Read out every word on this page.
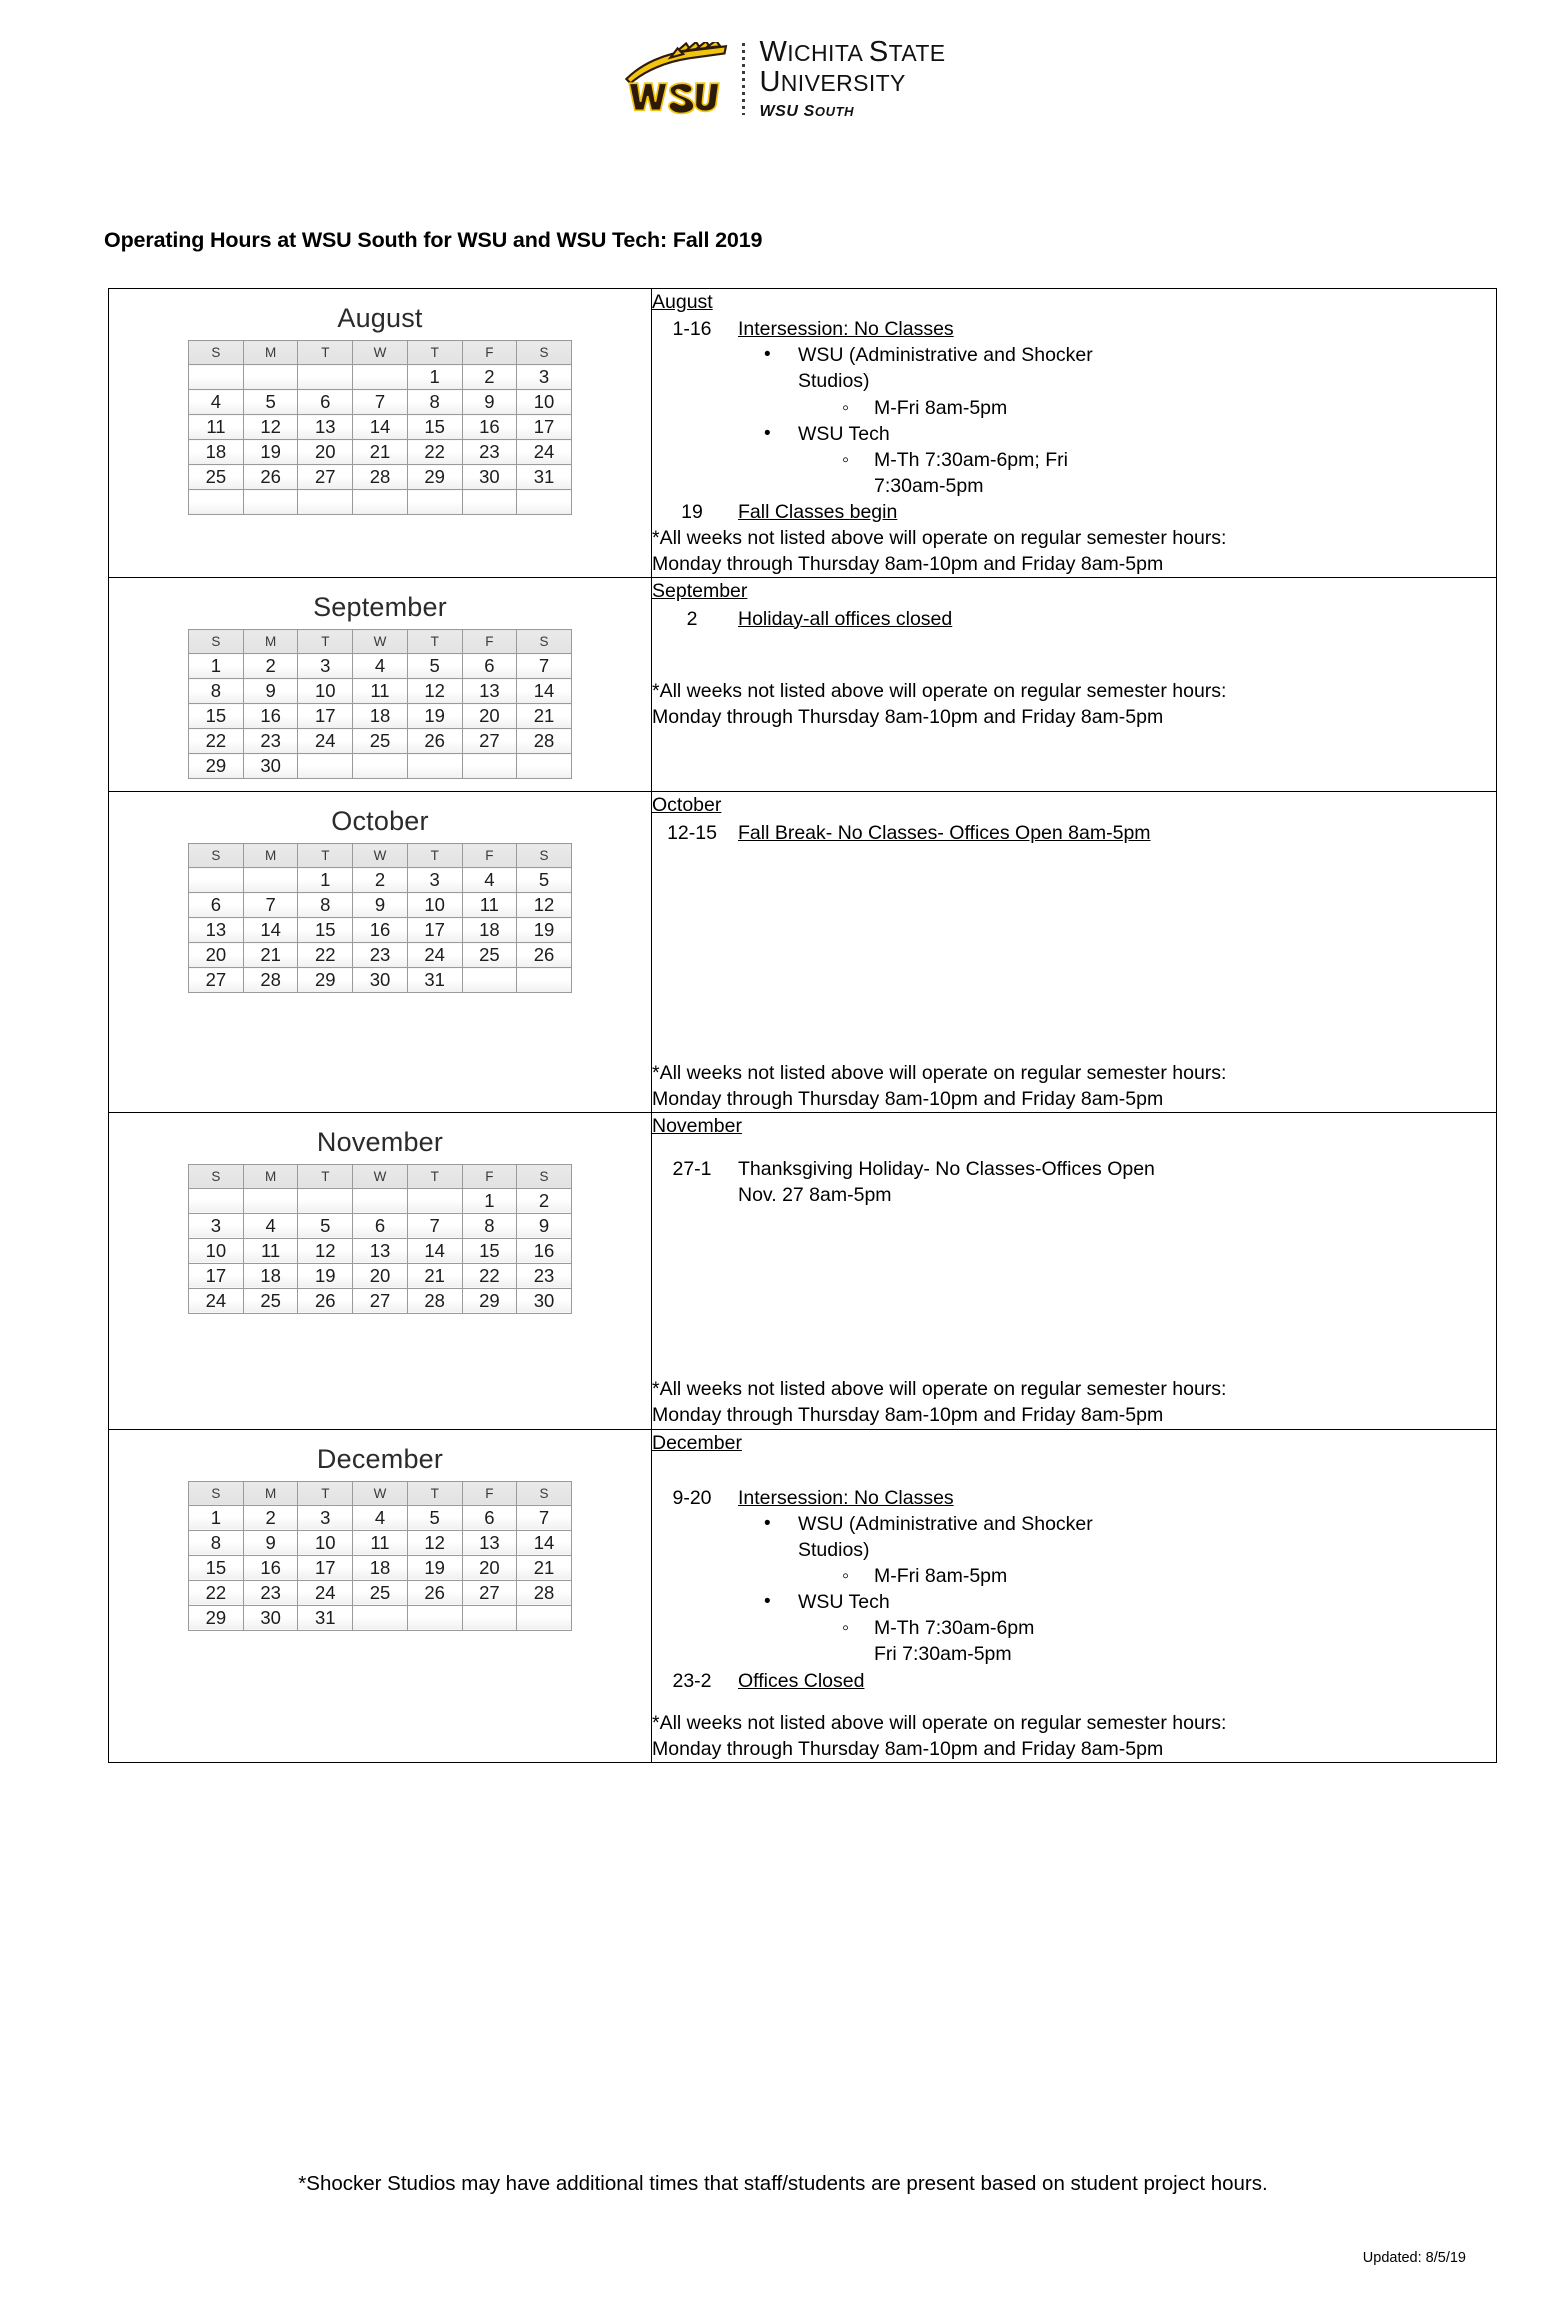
WICHITA STATE
UNIVERSITY
WSU SOUTH
Operating Hours at WSU South for WSU and WSU Tech: Fall 2019
August
S	M	T	W	T	F	S
				1	2	3
4	5	6	7	8	9	10
11	12	13	14	15	16	17
18	19	20	21	22	23	24
25	26	27	28	29	30	31

August
1-16	Intersession: No Classes
• WSU (Administrative and Shocker
Studios)
◦ M-Fri 8am-5pm
• WSU Tech
◦ M-Th 7:30am-6pm; Fri
7:30am-5pm
19	Fall Classes begin
*All weeks not listed above will operate on regular semester hours:
Monday through Thursday 8am-10pm and Friday 8am-5pm

September
S	M	T	W	T	F	S
1	2	3	4	5	6	7
8	9	10	11	12	13	14
15	16	17	18	19	20	21
22	23	24	25	26	27	28
29	30					

September
2	Holiday-all offices closed
*All weeks not listed above will operate on regular semester hours:
Monday through Thursday 8am-10pm and Friday 8am-5pm

October
S	M	T	W	T	F	S
		1	2	3	4	5
6	7	8	9	10	11	12
13	14	15	16	17	18	19
20	21	22	23	24	25	26
27	28	29	30	31		

October
12-15	Fall Break- No Classes- Offices Open 8am-5pm
*All weeks not listed above will operate on regular semester hours:
Monday through Thursday 8am-10pm and Friday 8am-5pm

November
S	M	T	W	T	F	S
					1	2
3	4	5	6	7	8	9
10	11	12	13	14	15	16
17	18	19	20	21	22	23
24	25	26	27	28	29	30

November
27-1	Thanksgiving Holiday- No Classes-Offices Open
Nov. 27 8am-5pm
*All weeks not listed above will operate on regular semester hours:
Monday through Thursday 8am-10pm and Friday 8am-5pm

December
S	M	T	W	T	F	S
1	2	3	4	5	6	7
8	9	10	11	12	13	14
15	16	17	18	19	20	21
22	23	24	25	26	27	28
29	30	31				

December
9-20	Intersession: No Classes
• WSU (Administrative and Shocker
Studios)
◦ M-Fri 8am-5pm
• WSU Tech
◦ M-Th 7:30am-6pm
Fri 7:30am-5pm
23-2	Offices Closed
*All weeks not listed above will operate on regular semester hours:
Monday through Thursday 8am-10pm and Friday 8am-5pm
*Shocker Studios may have additional times that staff/students are present based on student project hours.
Updated: 8/5/19
